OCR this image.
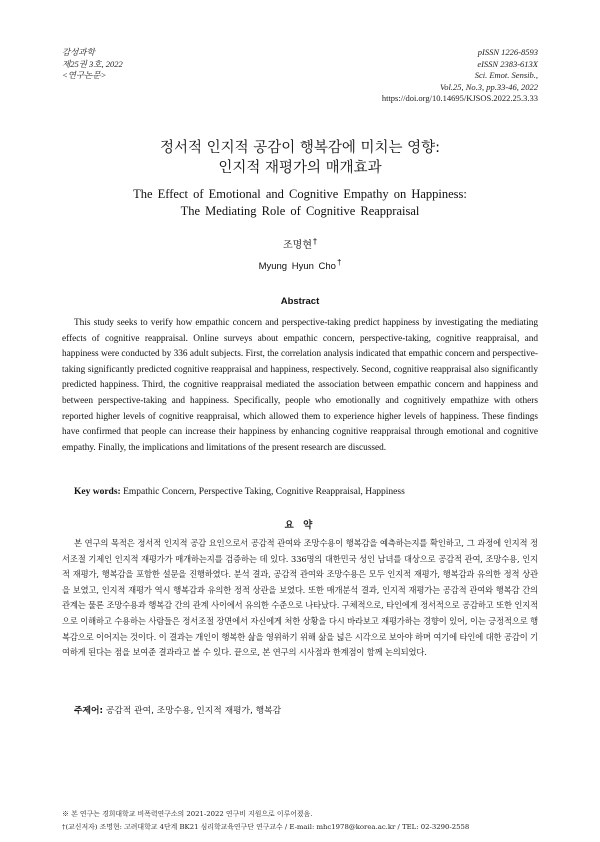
감성과학
제25권 3호, 2022
<연구논문>
pISSN 1226-8593
eISSN 2383-613X
Sci. Emot. Sensib.,
Vol.25, No.3, pp.33-46, 2022
https://doi.org/10.14695/KJSOS.2022.25.3.33
정서적 인지적 공감이 행복감에 미치는 영향:
인지적 재평가의 매개효과
The Effect of Emotional and Cognitive Empathy on Happiness:
The Mediating Role of Cognitive Reappraisal
조명현†
Myung Hyun Cho†
Abstract

This study seeks to verify how empathic concern and perspective-taking predict happiness by investigating the mediating effects of cognitive reappraisal. Online surveys about empathic concern, perspective-taking, cognitive reappraisal, and happiness were conducted by 336 adult subjects. First, the correlation analysis indicated that empathic concern and perspective-taking significantly predicted cognitive reappraisal and happiness, respectively. Second, cognitive reappraisal also significantly predicted happiness. Third, the cognitive reappraisal mediated the association between empathic concern and happiness and between perspective-taking and happiness. Specifically, people who emotionally and cognitively empathize with others reported higher levels of cognitive reappraisal, which allowed them to experience higher levels of happiness. These findings have confirmed that people can increase their happiness by enhancing cognitive reappraisal through emotional and cognitive empathy. Finally, the implications and limitations of the present research are discussed.

Key words: Empathic Concern, Perspective Taking, Cognitive Reappraisal, Happiness
요 약

본 연구의 목적은 정서적 인지적 공감 요인으로서 공감적 관여와 조망수용이 행복감을 예측하는지를 확인하고, 그 과정에 인지적 정서조절 기제인 인지적 재평가가 매개하는지를 검증하는 데 있다. 336명의 대한민국 성인 남녀를 대상으로 공감적 관여, 조망수용, 인지적 재평가, 행복감을 포함한 설문을 진행하였다. 분석 결과, 공감적 관여와 조망수용은 모두 인지적 재평가, 행복감과 유의한 정적 상관을 보였고, 인지적 재평가 역시 행복감과 유의한 정적 상관을 보였다. 또한 매개분석 결과, 인지적 재평가는 공감적 관여와 행복감 간의 관계는 물론 조망수용과 행복감 간의 관계 사이에서 유의한 수준으로 나타났다. 구체적으로, 타인에게 정서적으로 공감하고 또한 인지적으로 이해하고 수용하는 사람들은 정서조절 장면에서 자신에게 처한 상황을 다시 바라보고 재평가하는 경향이 있어, 이는 긍정적으로 행복감으로 이어지는 것이다. 이 결과는 개인이 행복한 삶을 영위하기 위해 삶을 넓은 시각으로 보아야 하며 여기에 타인에 대한 공감이 기여하게 된다는 점을 보여준 결과라고 볼 수 있다. 끝으로, 본 연구의 시사점과 한계점이 함께 논의되었다.

주제어: 공감적 관여, 조망수용, 인지적 재평가, 행복감
※ 본 연구는 경희대학교 비폭력연구소의 2021-2022 연구비 지원으로 이루어졌음.
†(교신저자) 조명현: 고려대학교 4단계 BK21 심리학교육연구단 연구교수 / E-mail: mhc1978@korea.ac.kr / TEL: 02-3290-2558
